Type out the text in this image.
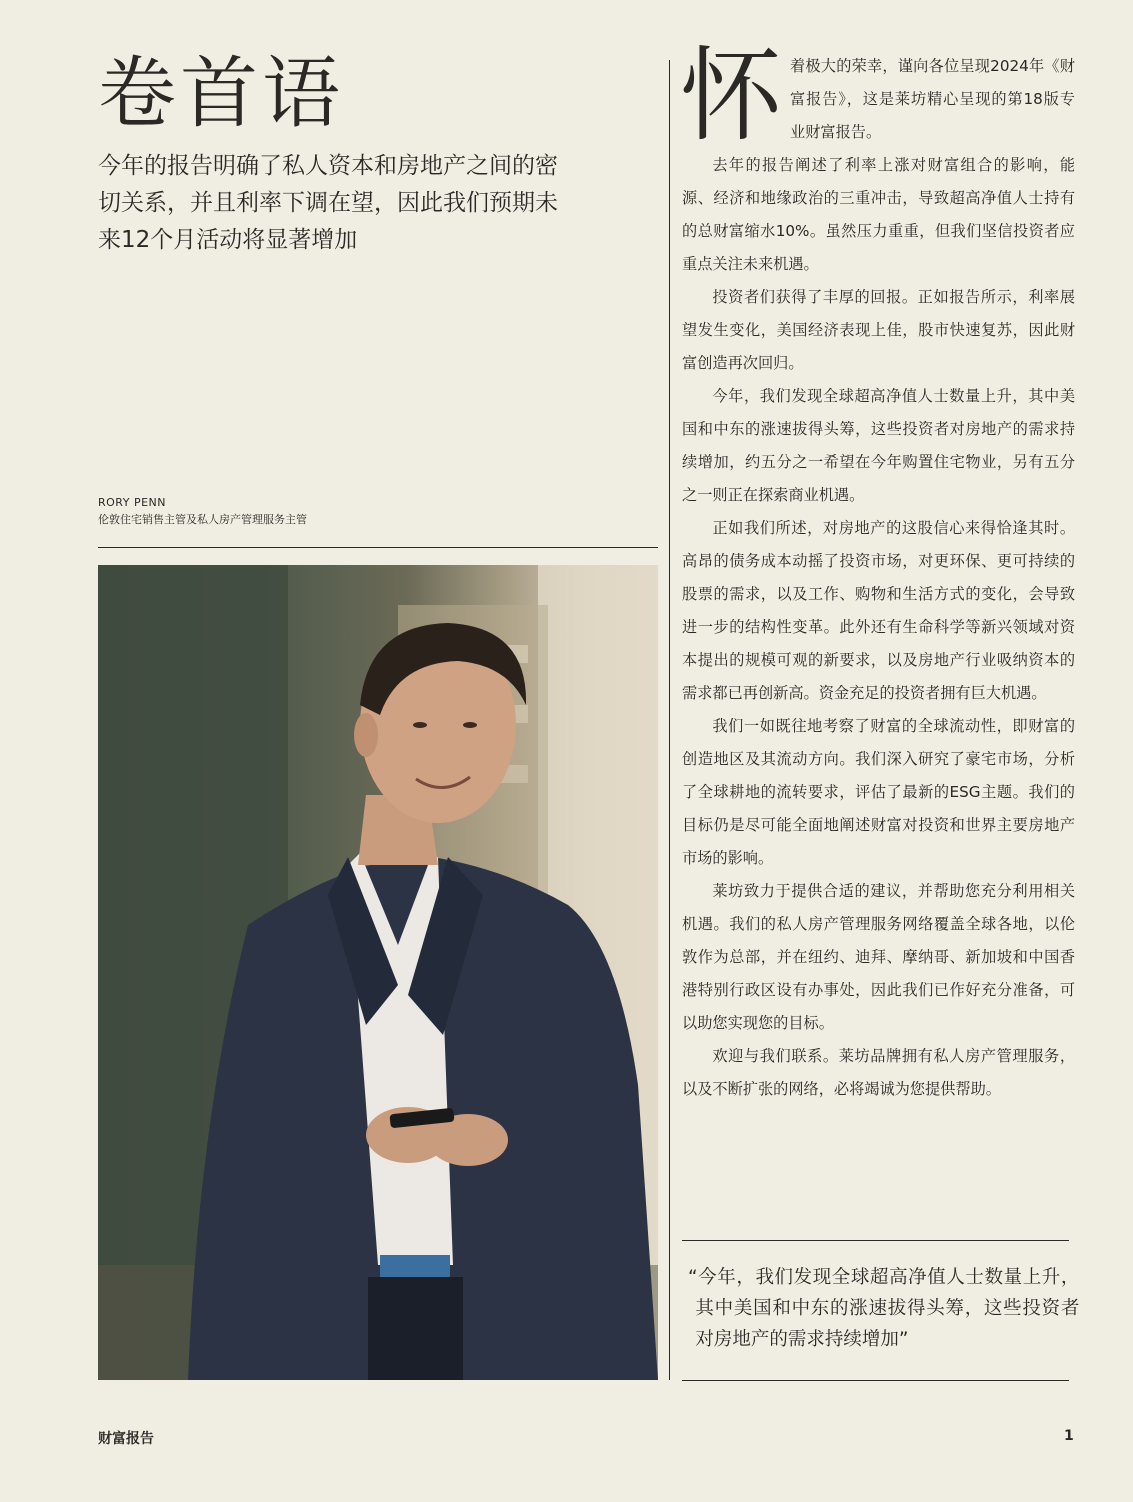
卷首语

今年的报告明确了私人资本和房地产之间的密切关系，并且利率下调在望，因此我们预期未来12个月活动将显著增加

RORY PENN
伦敦住宅销售主管及私人房产管理服务主管
怀 着极大的荣幸，谨向各位呈现2024年《财富报告》，这是莱坊精心呈现的第18版专业财富报告。

去年的报告阐述了利率上涨对财富组合的影响，能源、经济和地缘政治的三重冲击，导致超高净值人士持有的总财富缩水10%。虽然压力重重，但我们坚信投资者应重点关注未来机遇。

投资者们获得了丰厚的回报。正如报告所示，利率展望发生变化，美国经济表现上佳，股市快速复苏，因此财富创造再次回归。

今年，我们发现全球超高净值人士数量上升，其中美国和中东的涨速拔得头筹，这些投资者对房地产的需求持续增加，约五分之一希望在今年购置住宅物业，另有五分之一则正在探索商业机遇。

正如我们所述，对房地产的这股信心来得恰逢其时。高昂的债务成本动摇了投资市场，对更环保、更可持续的股票的需求，以及工作、购物和生活方式的变化，会导致进一步的结构性变革。此外还有生命科学等新兴领域对资本提出的规模可观的新要求，以及房地产行业吸纳资本的需求都已再创新高。资金充足的投资者拥有巨大机遇。

我们一如既往地考察了财富的全球流动性，即财富的创造地区及其流动方向。我们深入研究了豪宅市场，分析了全球耕地的流转要求，评估了最新的ESG主题。我们的目标仍是尽可能全面地阐述财富对投资和世界主要房地产市场的影响。

莱坊致力于提供合适的建议，并帮助您充分利用相关机遇。我们的私人房产管理服务网络覆盖全球各地，以伦敦作为总部，并在纽约、迪拜、摩纳哥、新加坡和中国香港特别行政区设有办事处，因此我们已作好充分准备，可以助您实现您的目标。

欢迎与我们联系。莱坊品牌拥有私人房产管理服务，以及不断扩张的网络，必将竭诚为您提供帮助。

“今年，我们发现全球超高净值人士数量上升，其中美国和中东的涨速拔得头筹，这些投资者对房地产的需求持续增加”

财富报告	1
